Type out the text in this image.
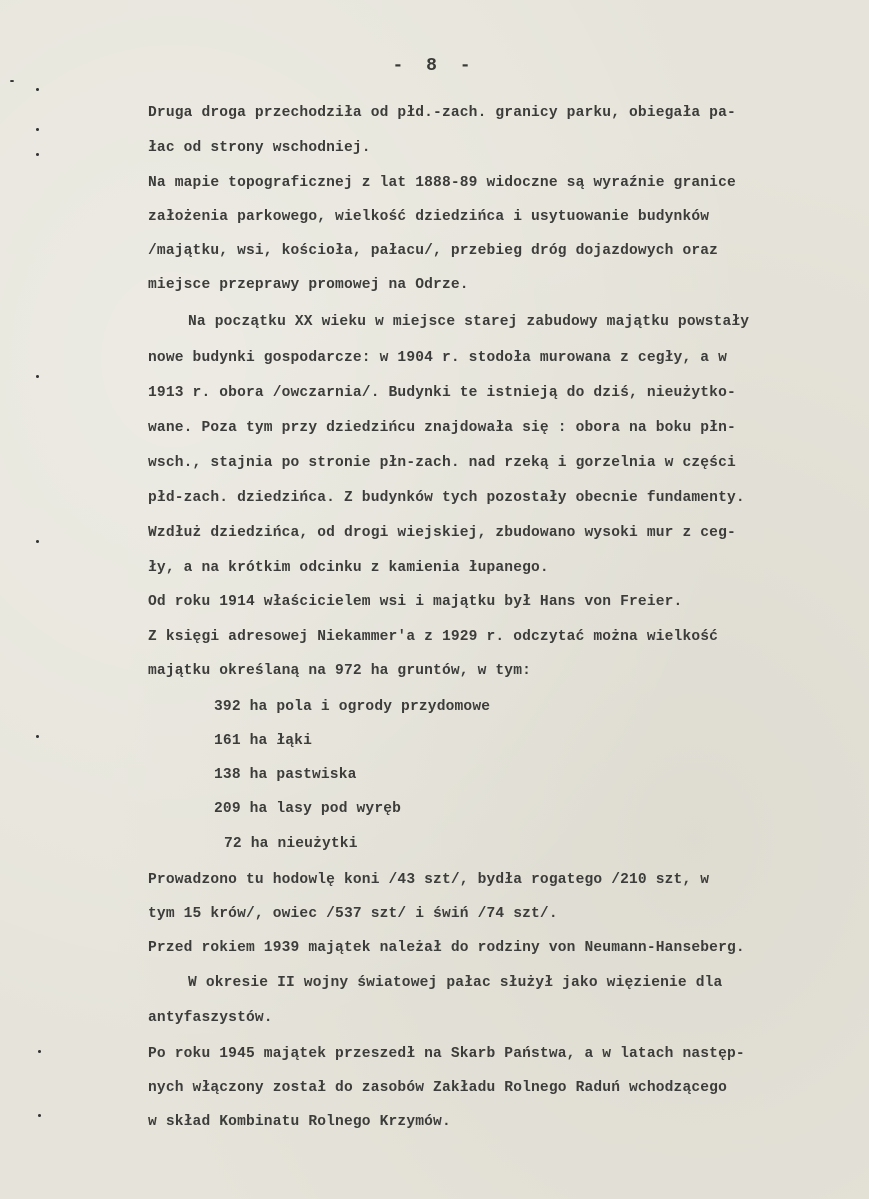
- 8 -
Druga droga przechodziła od płd.-zach. granicy parku, obiegała pa-
łac od strony wschodniej.
Na mapie topograficznej z lat 1888-89 widoczne są wyraźnie granice
założenia parkowego, wielkość dziedzińca i usytuowanie budynków
/majątku, wsi, kościoła, pałacu/, przebieg dróg dojazdowych oraz
miejsce przeprawy promowej na Odrze.
Na początku XX wieku w miejsce starej zabudowy majątku powstały
nowe budynki gospodarcze: w 1904 r. stodoła murowana z cegły, a w
1913 r. obora /owczarnia/. Budynki te istnieją do dziś, nieużytko-
wane. Poza tym przy dziedzińcu znajdowała się : obora na boku płn-
wsch., stajnia po stronie płn-zach. nad rzeką i gorzelnia w części
płd-zach. dziedzińca. Z budynków tych pozostały obecnie fundamenty.
Wzdłuż dziedzińca, od drogi wiejskiej, zbudowano wysoki mur z ceg-
ły, a na krótkim odcinku z kamienia łupanego.
Od roku 1914 właścicielem wsi i majątku był Hans von Freier.
Z księgi adresowej Niekammer'a z 1929 r. odczytać można wielkość
majątku określaną na 972 ha gruntów, w tym:
392 ha pola i ogrody przydomowe
161 ha łąki
138 ha pastwiska
209 ha lasy pod wyręb
72 ha nieużytki
Prowadzono tu hodowlę koni /43 szt/, bydła rogatego /210 szt, w
tym 15 krów/, owiec /537 szt/ i świń /74 szt/.
Przed rokiem 1939 majątek należał do rodziny von Neumann-Hanseberg.
W okresie II wojny światowej pałac służył jako więzienie dla
antyfaszystów.
Po roku 1945 majątek przeszedł na Skarb Państwa, a w latach następ-
nych włączony został do zasobów Zakładu Rolnego Raduń wchodzącego
w skład Kombinatu Rolnego Krzymów.
